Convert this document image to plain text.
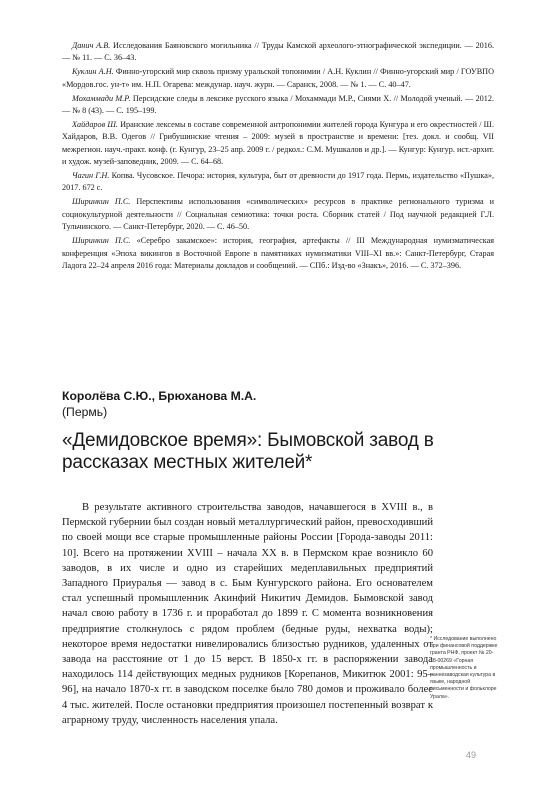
Данич А.В. Исследования Баяновского могильника // Труды Камской археолого-этнографической экспедиции. — 2016. — № 11. — С. 36–43.

Куклин А.Н. Финно-угорский мир сквозь призму уральской топонимии / А.Н. Куклин // Финно-угорский мир / ГОУВПО «Мордов.гос. ун-т» им. Н.П. Огарева: междунар. науч. журн. — Саранск, 2008. — № 1. — С. 40–47.

Мохаммади М.Р. Персидские следы в лексике русского языка / Мохаммади М.Р., Сиями Х. // Молодой ученый. — 2012. — № 8 (43). — С. 195–199.

Хайдаров Ш. Иранские лексемы в составе современной антропонимии жителей города Кунгура и его окрестностей / Ш. Хайдаров, В.В. Одегов // Грибушинские чтения – 2009: музей в пространстве и времени: [тез. докл. и сообщ. VII межрегион. науч.-практ. конф. (г. Кунгур, 23–25 апр. 2009 г. / редкол.: С.М. Мушкалов и др.]. — Кунгур: Кунгур. ист.-архит. и худож. музей-заповедник, 2009. — С. 64–68.

Чагин Г.Н. Копва. Чусовское. Печора: история, культура, быт от древности до 1917 года. Пермь, издательство «Пушка», 2017. 672 с.

Ширинкин П.С. Перспективы использования «символических» ресурсов в практике регионального туризма и социокультурной деятельности // Социальная семиотика: точки роста. Сборник статей / Под научной редакцией Г.Л. Тульчинского. — Санкт-Петербург, 2020. — С. 46–50.

Ширинкин П.С. «Серебро закамское»: история, география, артефакты // III Международная нумизматическая конференция «Эпоха викингов в Восточной Европе в памятниках нумизматики VIII–XI вв.»: Санкт-Петербург, Старая Ладога 22–24 апреля 2016 года: Материалы докладов и сообщений. — СПб.: Изд-во «Знакъ», 2016. — С. 372–396.

Королёва С.Ю., Брюханова М.А.
(Пермь)
«Демидовское время»: Бымовской завод в рассказах местных жителей*

В результате активного строительства заводов, начавшегося в XVIII в., в Пермской губернии был создан новый металлургический район, превосходивший по своей мощи все старые промышленные районы России [Города-заводы 2011: 10]. Всего на протяжении XVIII – начала XX в. в Пермском крае возникло 60 заводов, в их числе и одно из старейших медеплавильных предприятий Западного Приуралья — завод в с. Бым Кунгурского района. Его основателем стал успешный промышленник Акинфий Никитич Демидов. Бымовской завод начал свою работу в 1736 г. и проработал до 1899 г. С момента возникновения предприятие столкнулось с рядом проблем (бедные руды, нехватка воды); некоторое время недостатки нивелировались близостью рудников, удаленных от завода на расстояние от 1 до 15 верст. В 1850-х гг. в распоряжении завода находилось 114 действующих медных рудников [Корепанов, Микитюк 2001: 95–96], на начало 1870-х гг. в заводском поселке было 780 домов и проживало более 4 тыс. жителей. После остановки предприятия произошел постепенный возврат к аграрному труду, численность населения упала.

* Исследование выполнено при финансовой поддержке гранта РНФ, проект № 20-18-00269 «Горная промышленность и раннезаводская культура в языке, народной письменности и фольклоре Урала».
49
